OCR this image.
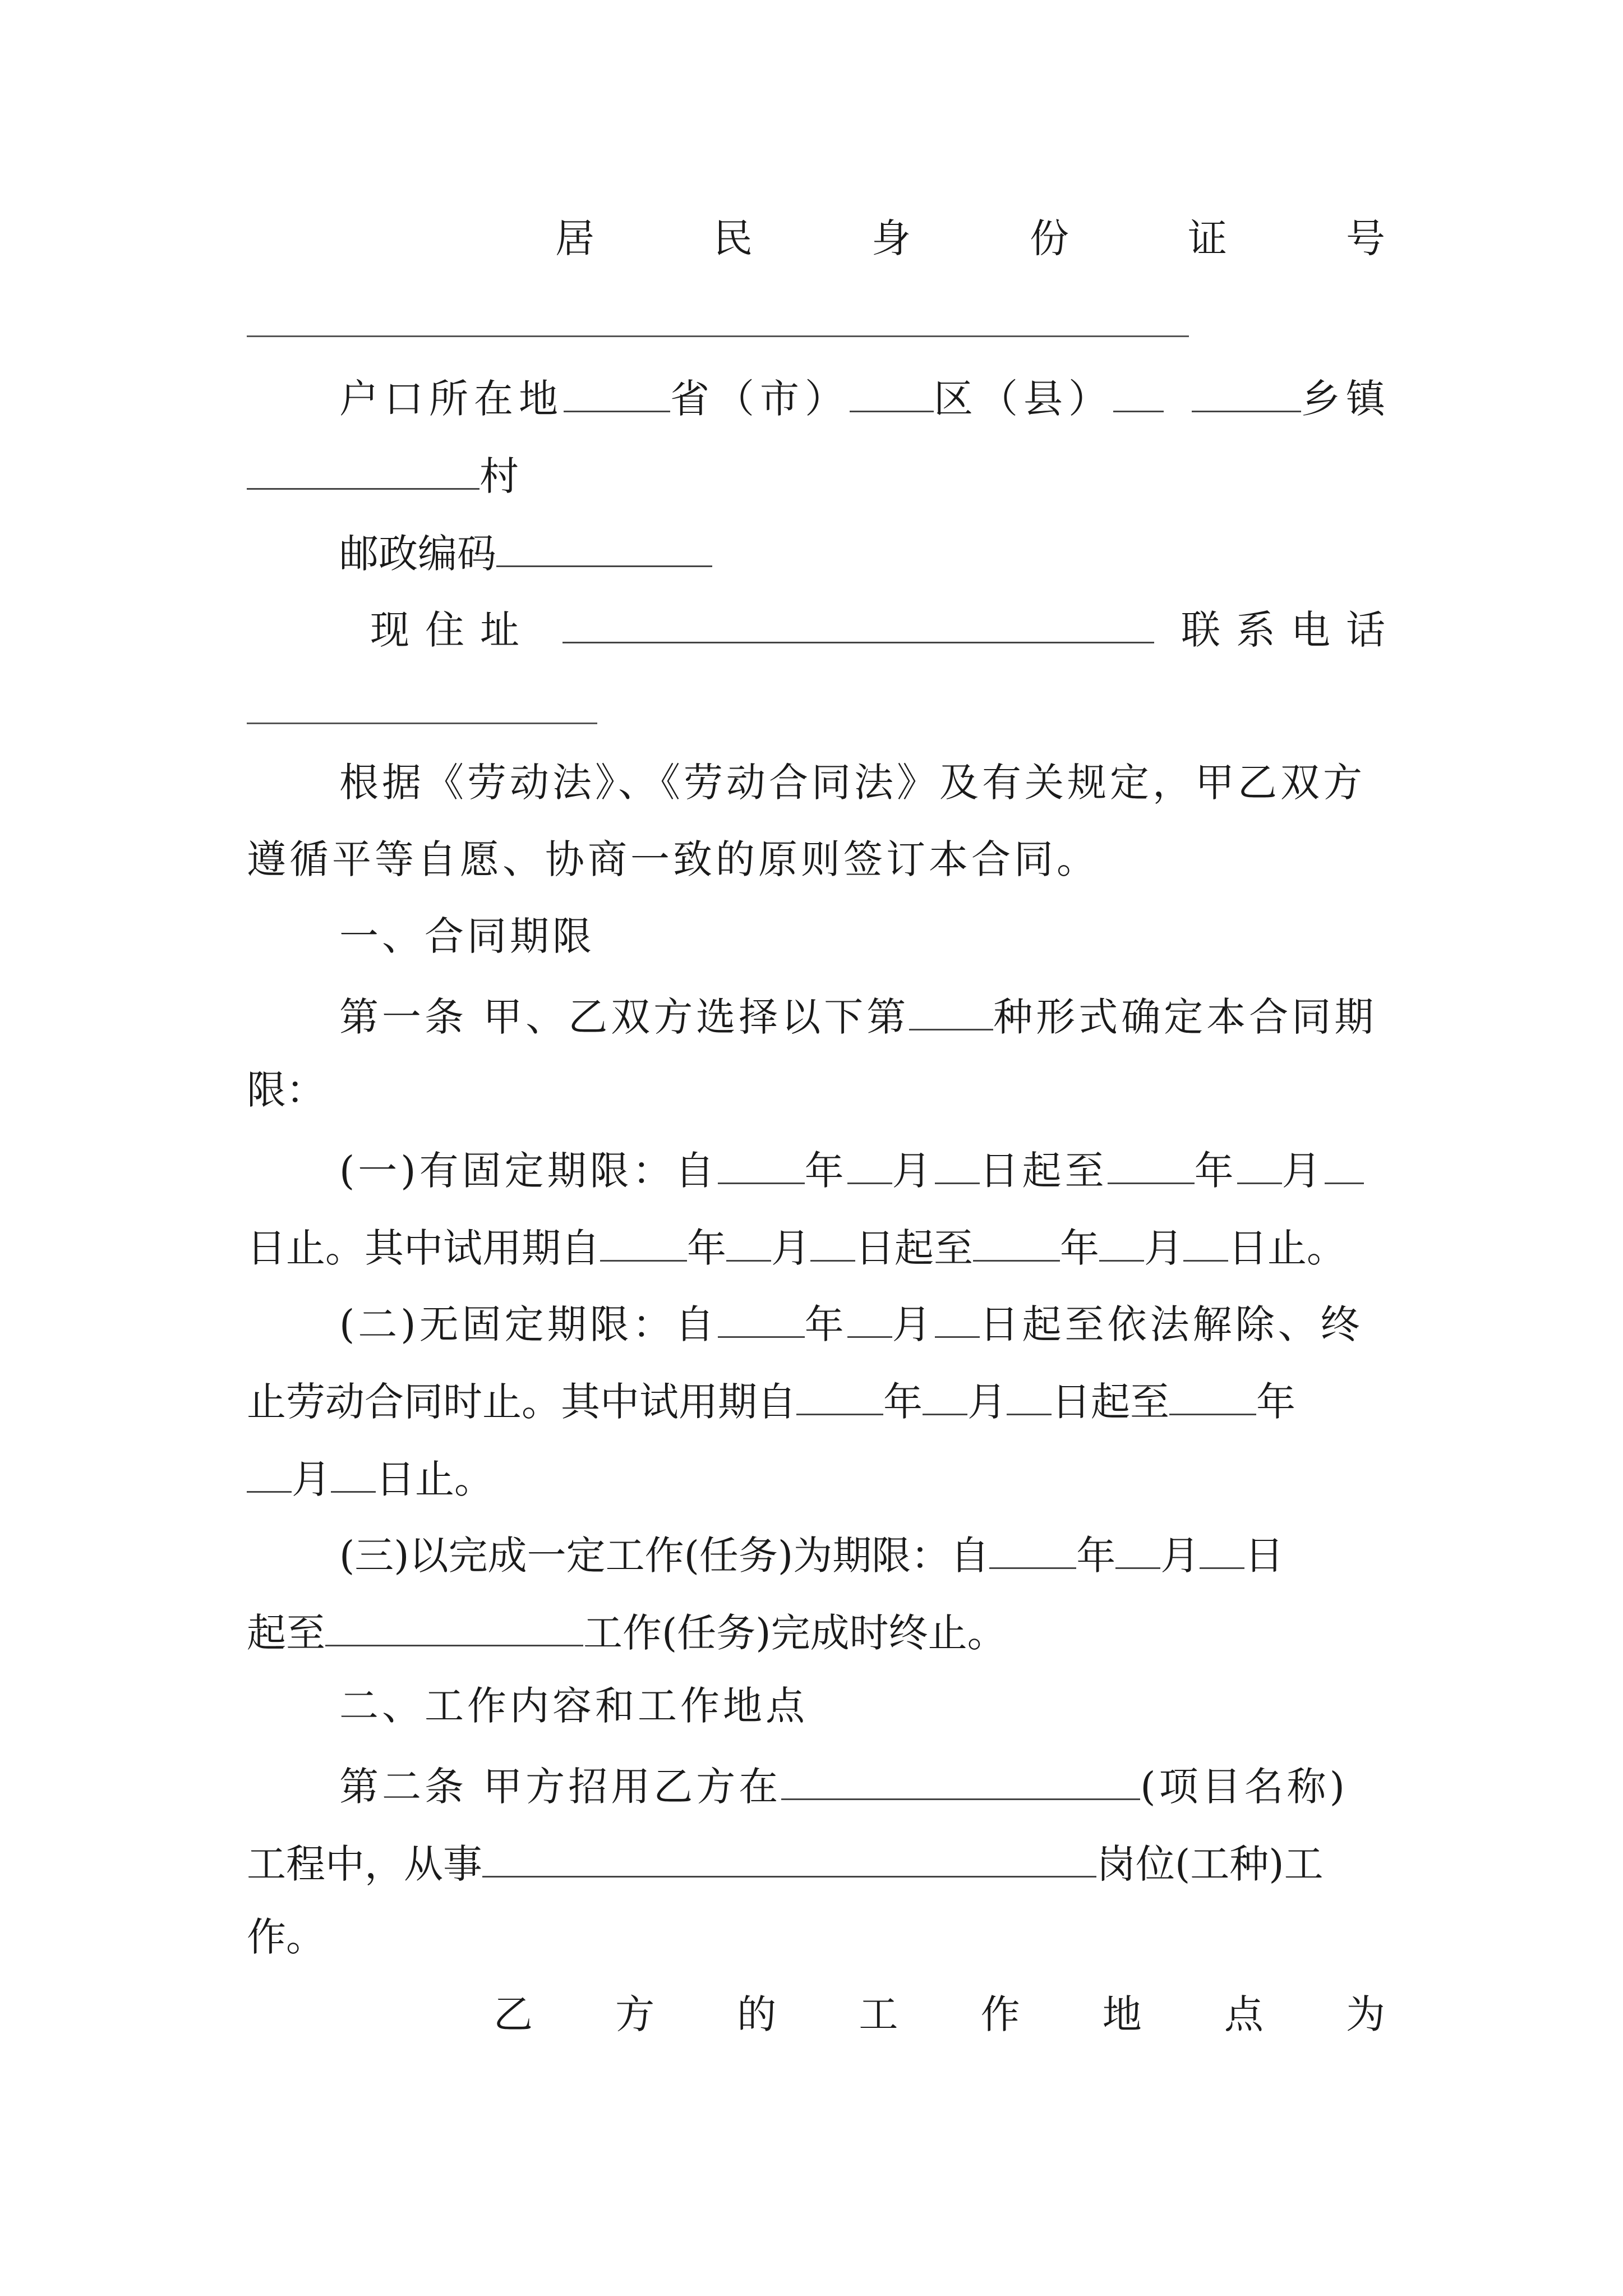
居	民	身	份	证	号
户口所在地	省（市） 区（县）	乡镇
村
邮政编码
现住址	联系电话
根据《劳动法》、《劳动合同法》及有关规定，甲乙双方
遵循平等自愿、协商一致的原则签订本合同。
一、合同期限
第一条 甲、乙双方选择以下第 种形式确定本合同期
限：
(一)有固定期限：自 年 月 日起至 年 月
日止。其中试用期自 年 月 日起至 年 月 日止。
(二)无固定期限：自 年 月 日起至依法解除、终
止劳动合同时止。其中试用期自 年 月 日起至 年
月 日止。
(三)以完成一定工作(任务)为期限：自 年 月 日
起至	工作(任务)完成时终止。
二、工作内容和工作地点
第二条 甲方招用乙方在	(项目名称)
工程中，从事	岗位(工种)工
作。
乙 方 的 工 作 地 点 为
